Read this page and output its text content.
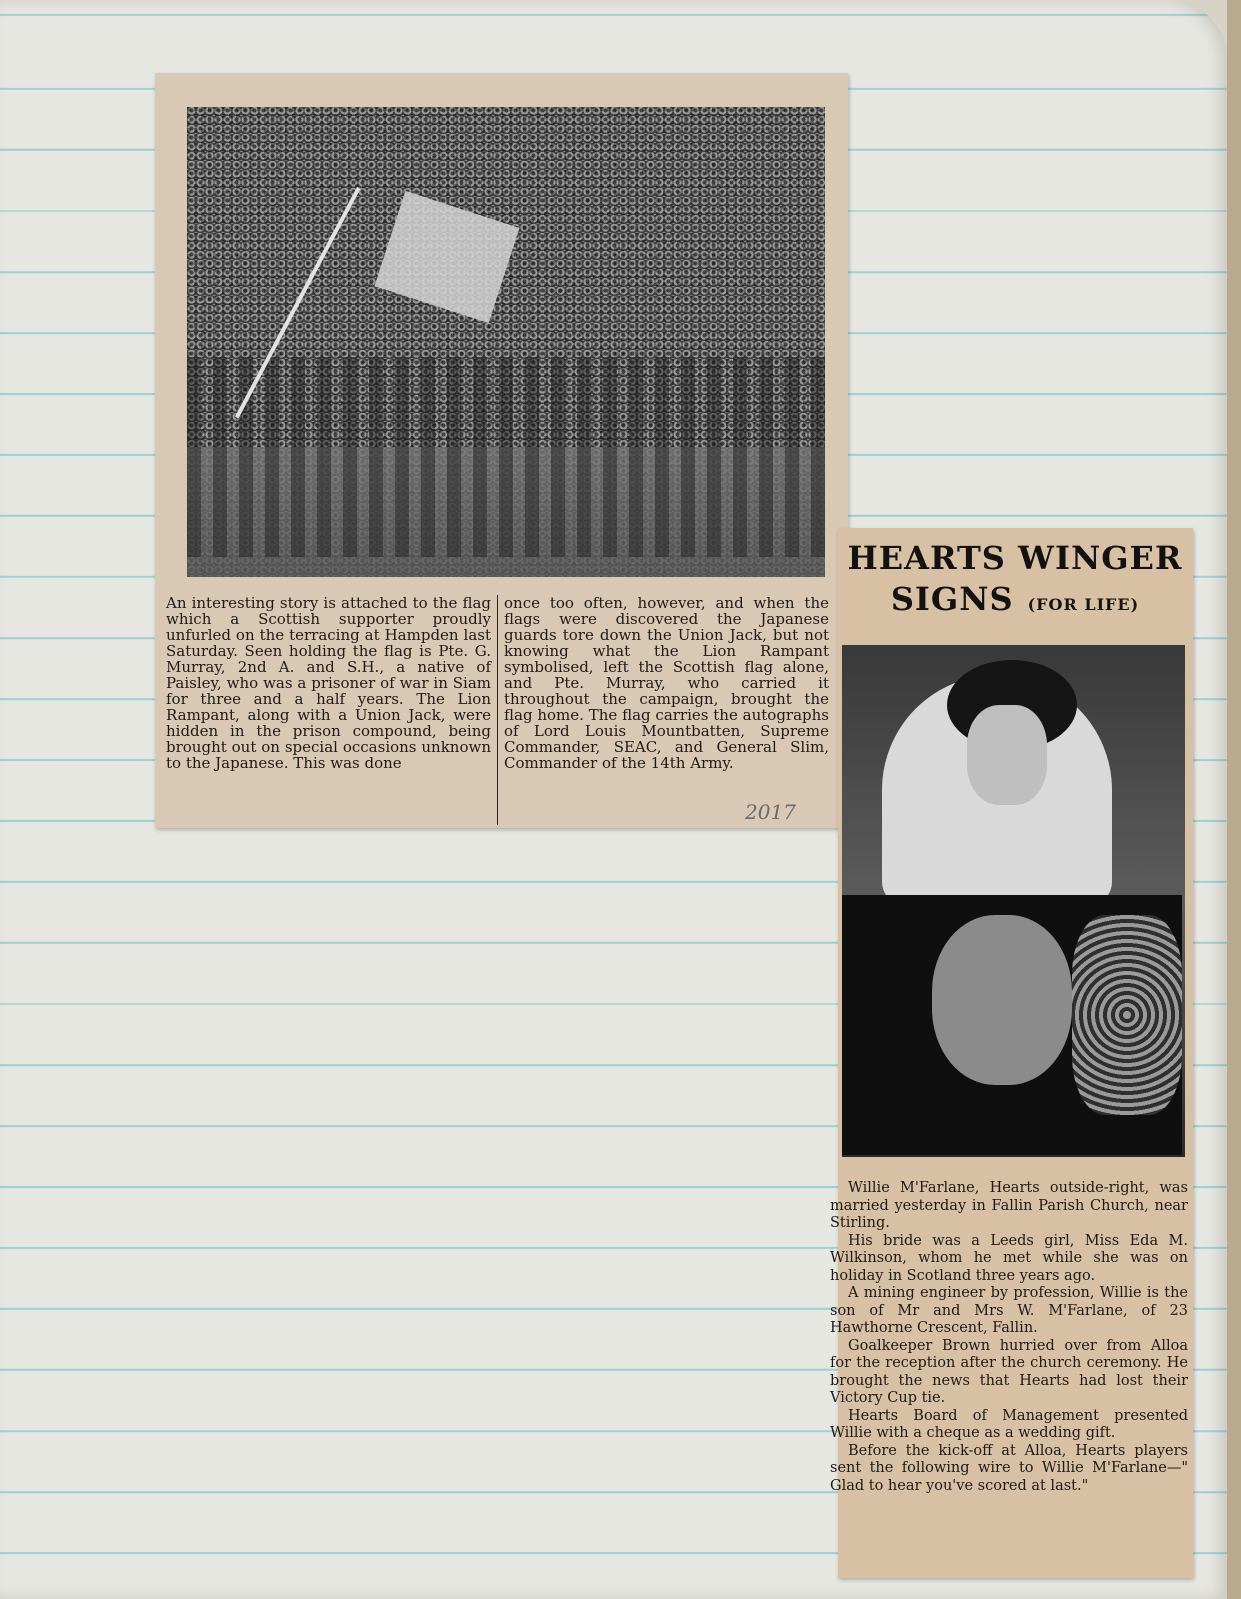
An interesting story is attached to the flag which a Scottish supporter proudly unfurled on the terracing at Hampden last Saturday. Seen holding the flag is Pte. G. Murray, 2nd A. and S.H., a native of Paisley, who was a prisoner of war in Siam for three and a half years. The Lion Rampant, along with a Union Jack, were hidden in the prison compound, being brought out on special occasions unknown to the Japanese. This was done
once too often, however, and when the flags were discovered the Japanese guards tore down the Union Jack, but not knowing what the Lion Rampant symbolised, left the Scottish flag alone, and Pte. Murray, who carried it throughout the campaign, brought the flag home. The flag carries the autographs of Lord Louis Mountbatten, Supreme Commander, SEAC, and General Slim, Commander of the 14th Army.
2017
HEARTS WINGER
SIGNS (FOR LIFE)

Willie M'Farlane, Hearts outside-right, was married yesterday in Fallin Parish Church, near Stirling.

His bride was a Leeds girl, Miss Eda M. Wilkinson, whom he met while she was on holiday in Scotland three years ago.

A mining engineer by profession, Willie is the son of Mr and Mrs W. M'Farlane, of 23 Hawthorne Crescent, Fallin.

Goalkeeper Brown hurried over from Alloa for the reception after the church ceremony. He brought the news that Hearts had lost their Victory Cup tie.

Hearts Board of Management presented Willie with a cheque as a wedding gift.

Before the kick-off at Alloa, Hearts players sent the following wire to Willie M'Farlane—" Glad to hear you've scored at last."
